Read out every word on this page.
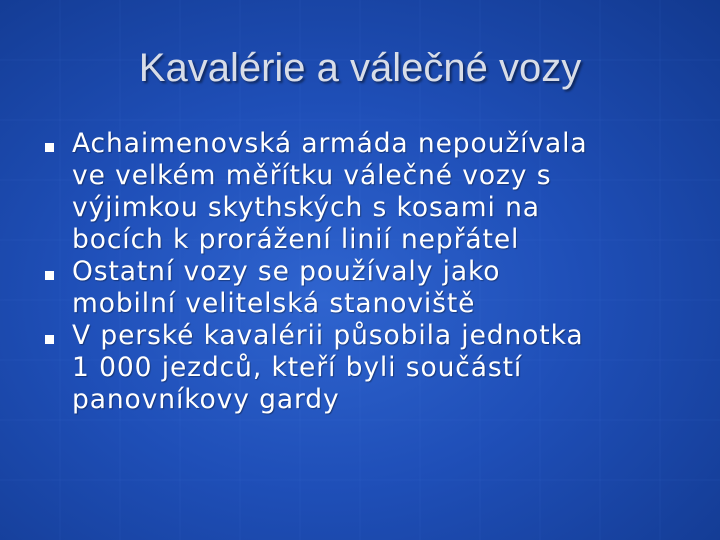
Kavalérie a válečné vozy
Achaimenovská armáda nepoužívala
ve velkém měřítku válečné vozy s
výjimkou skythských s kosami na
bocích k prorážení linií nepřátel
Ostatní vozy se používaly jako
mobilní velitelská stanoviště
V perské kavalérii působila jednotka
1 000 jezdců, kteří byli součástí
panovníkovy gardy
